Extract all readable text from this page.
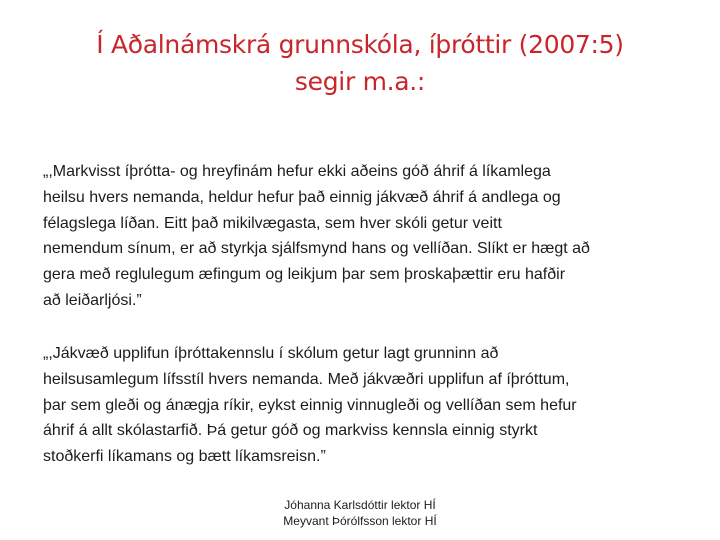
Í Aðalnámskrá grunnskóla, íþróttir (2007:5)
segir m.a.:

„,Markvisst íþrótta- og hreyfinám hefur ekki aðeins góð áhrif á líkamlega
heilsu hvers nemanda, heldur hefur það einnig jákvæð áhrif á andlega og
félagslega líðan. Eitt það mikilvægasta, sem hver skóli getur veitt
nemendum sínum, er að styrkja sjálfsmynd hans og vellíðan. Slíkt er hægt að
gera með reglulegum æfingum og leikjum þar sem þroskaþættir eru hafðir
að leiðarljósi.”

„,Jákvæð upplifun íþróttakennslu í skólum getur lagt grunninn að
heilsusamlegum lífsstíl hvers nemanda. Með jákvæðri upplifun af íþróttum,
þar sem gleði og ánægja ríkir, eykst einnig vinnugleði og vellíðan sem hefur
áhrif á allt skólastarfið. Þá getur góð og markviss kennsla einnig styrkt
stoðkerfi líkamans og bætt líkamsreisn.”

Jóhanna Karlsdóttir lektor HÍ
Meyvant Þórólfsson lektor HÍ
